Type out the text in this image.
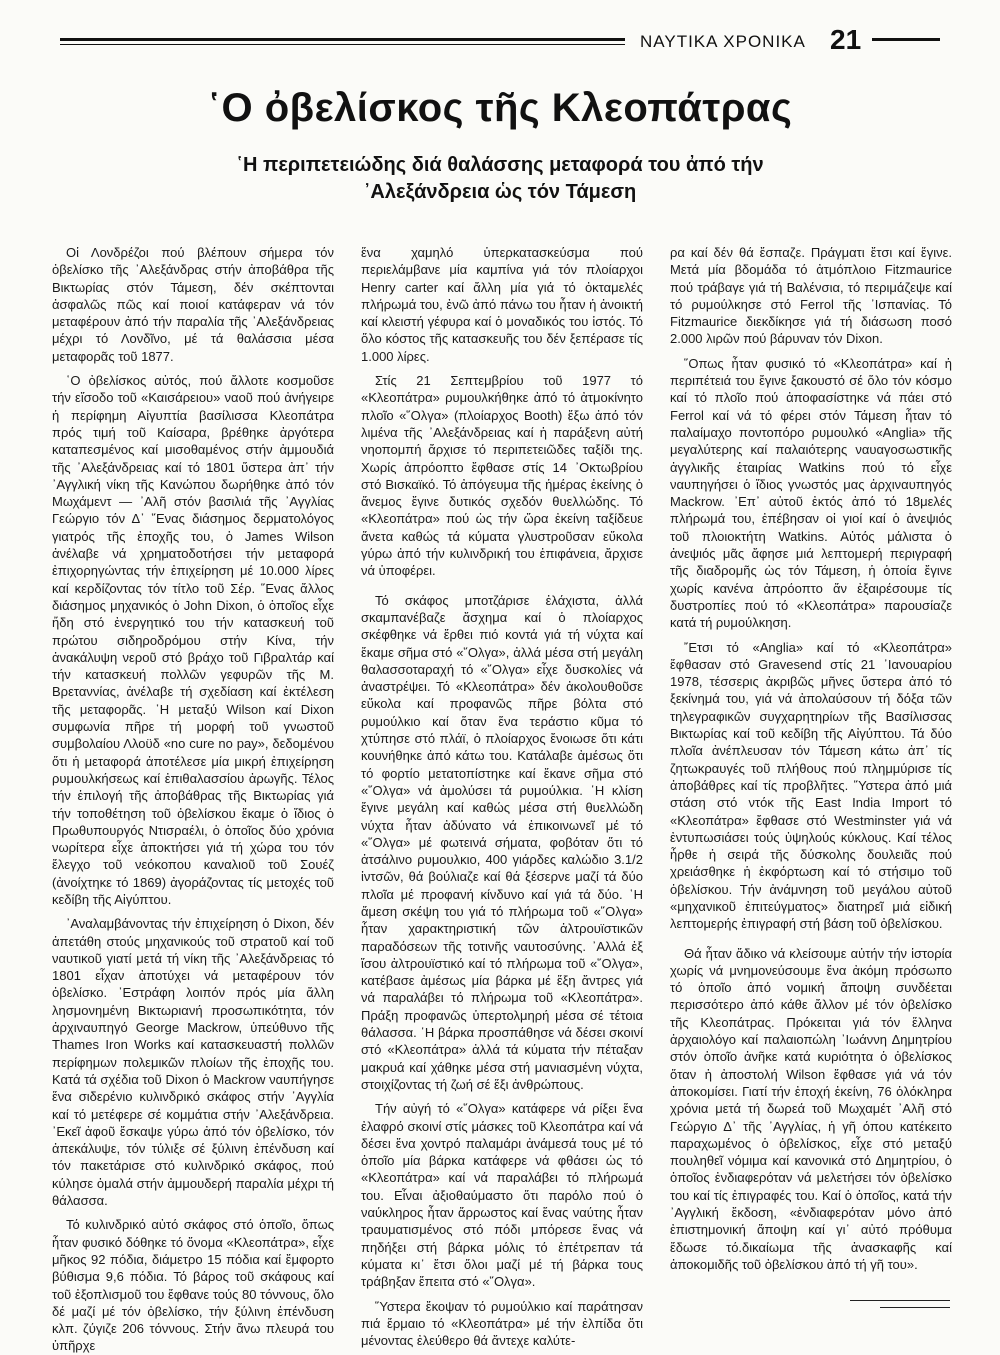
ΝΑΥΤΙΚΑ ΧΡΟΝΙΚΑ 21
῾Ο ὀβελίσκος τῆς Κλεοπάτρας
῾Η περιπετειώδης διά θαλάσσης μεταφορά του ἀπό τήν ᾿Αλεξάνδρεια ὡς τόν Τάμεση

Οἱ Λονδρέζοι πού βλέπουν σήμερα τόν ὀβελίσκο τῆς ᾿Αλεξάνδρας στήν ἀποβάθρα τῆς Βικτωρίας στόν Τάμεση, δέν σκέπτονται ἀσφαλῶς πῶς καί ποιοί κατάφεραν νά τόν μεταφέρουν ἀπό τήν παραλία τῆς ᾿Αλεξάνδρειας μέχρι τό Λονδῖνο, μέ τά θαλάσσια μέσα μεταφορᾶς τοῦ 1877.

῾Ο ὀβελίσκος αὐτός, πού ἄλλοτε κοσμοῦσε τήν εἴσοδο τοῦ «Καισάρειου» ναοῦ πού ἀνήγειρε ἡ περίφημη Αἰγυπτία βασίλισσα Κλεοπάτρα πρός τιμή τοῦ Καίσαρα, βρέθηκε ἀργότερα καταπεσμένος καί μισοθαμένος στήν ἀμμουδιά τῆς ᾿Αλεξάνδρειας καί τό 1801 ὕστερα ἀπ᾿ τήν ᾿Αγγλική νίκη τῆς Κανώπου δωρήθηκε ἀπό τόν Μωχάμεντ — ᾿Αλῆ στόν βασιλιά τῆς ᾿Αγγλίας Γεώργιο τόν Δ᾿ ῞Ενας διάσημος δερματολόγος γιατρός τῆς ἐποχῆς του, ὁ James Wilson ἀνέλαβε νά χρηματοδοτήσει τήν μεταφορά ἐπιχορηγώντας τήν ἐπιχείρηση μέ 10.000 λίρες καί κερδίζοντας τόν τίτλο τοῦ Σέρ. ῞Ενας ἄλλος διάσημος μηχανικός ὁ John Dixon, ὁ ὁποῖος εἶχε ἤδη στό ἐνεργητικό του τήν κατασκευή τοῦ πρώτου σιδηροδρόμου στήν Κίνα, τήν ἀνακάλυψη νεροῦ στό βράχο τοῦ Γιβραλτάρ καί τήν κατασκευή πολλῶν γεφυρῶν τῆς Μ. Βρεταννίας, ἀνέλαβε τή σχεδίαση καί ἐκτέλεση τῆς μεταφορᾶς. ῾Η μεταξύ Wilson καί Dixon συμφωνία πῆρε τή μορφή τοῦ γνωστοῦ συμβολαίου Λλοϋδ «no cure no pay», δεδομένου ὅτι ἡ μεταφορά ἀποτέλεσε μία μικρή ἐπιχείρηση ρυμουλκήσεως καί ἐπιθαλασσίου ἀρωγῆς. Τέλος τήν ἐπιλογή τῆς ἀποβάθρας τῆς Βικτωρίας γιά τήν τοποθέτηση τοῦ ὀβελίσκου ἔκαμε ὁ ἴδιος ὁ Πρωθυπουργός Ντισραέλι, ὁ ὁποῖος δύο χρόνια νωρίτερα εἶχε ἀποκτήσει γιά τή χώρα του τόν ἔλεγχο τοῦ νεόκοπου καναλιοῦ τοῦ Σουέζ (ἀνοίχτηκε τό 1869) ἀγοράζοντας τίς μετοχές τοῦ κεδίβη τῆς Αἰγύπτου.

᾿Αναλαμβάνοντας τήν ἐπιχείρηση ὁ Dixon, δέν ἀπετάθη στούς μηχανικούς τοῦ στρατοῦ καί τοῦ ναυτικοῦ γιατί μετά τή νίκη τῆς ᾿Αλεξάνδρειας τό 1801 εἶχαν ἀποτύχει νά μεταφέρουν τόν ὀβελίσκο. ᾿Εστράφη λοιπόν πρός μία ἄλλη λησμονημένη Βικτωριανή προσωπικότητα, τόν ἀρχιναυπηγό George Mackrow, ὑπεύθυνο τῆς Thames Iron Works καί κατασκευαστή πολλῶν περίφημων πολεμικῶν πλοίων τῆς ἐποχῆς του. Κατά τά σχέδια τοῦ Dixon ὁ Mackrow ναυπήγησε ἕνα σιδερένιο κυλινδρικό σκάφος στήν ᾿Αγγλία καί τό μετέφερε σέ κομμάτια στήν ᾿Αλεξάνδρεια. ᾿Εκεῖ ἀφοῦ ἔσκαψε γύρω ἀπό τόν ὀβελίσκο, τόν ἀπεκάλυψε, τόν τύλιξε σέ ξύλινη ἐπένδυση καί τόν πακετάρισε στό κυλινδρικό σκάφος, πού κύλησε ὁμαλά στήν ἀμμουδερή παραλία μέχρι τή θάλασσα.

Τό κυλινδρικό αὐτό σκάφος στό ὁποῖο, ὅπως ἦταν φυσικό δόθηκε τό ὄνομα «Κλεοπάτρα», εἶχε μῆκος 92 πόδια, διάμετρο 15 πόδια καί ἔμφορτο βύθισμα 9,6 πόδια. Τό βάρος τοῦ σκάφους καί τοῦ ἐξοπλισμοῦ του ἔφθανε τούς 80 τόννους, ὅλο δέ μαζί μέ τόν ὀβελίσκο, τήν ξύλινη ἐπένδυση κλπ. ζύγιζε 206 τόννους. Στήν ἄνω πλευρά του ὑπῆρχε

ἕνα χαμηλό ὑπερκατασκεύσμα πού περιελάμβανε μία καμπίνα γιά τόν πλοίαρχοι Henry carter καί ἄλλη μία γιά τό ὀκταμελές πλήρωμά του, ἐνῶ ἀπό πάνω του ἦταν ἡ ἀνοικτή καί κλειστή γέφυρα καί ὁ μοναδικός του ἱστός. Τό ὅλο κόστος τῆς κατασκευῆς του δέν ξεπέρασε τίς 1.000 λίρες.

Στίς 21 Σεπτεμβρίου τοῦ 1977 τό «Κλεοπάτρα» ρυμουλκήθηκε ἀπό τό ἀτμοκίνητο πλοῖο «῞Ολγα» (πλοίαρχος Booth) ἔξω ἀπό τόν λιμένα τῆς ᾿Αλεξάνδρειας καί ἡ παράξενη αὐτή νηοπομπή ἄρχισε τό περιπετειῶδες ταξίδι της. Χωρίς ἀπρόοπτο ἔφθασε στίς 14 ᾿Οκτωβρίου στό Βισκαϊκό. Τό ἀπόγευμα τῆς ἡμέρας ἐκείνης ὁ ἄνεμος ἔγινε δυτικός σχεδόν θυελλώδης. Τό «Κλεοπάτρα» πού ὡς τήν ὥρα ἐκείνη ταξίδευε ἄνετα καθώς τά κύματα γλυστροῦσαν εὔκολα γύρω ἀπό τήν κυλινδρική του ἐπιφάνεια, ἄρχισε νά ὑποφέρει.

Τό σκάφος μποτζάρισε ἐλάχιστα, ἀλλά σκαμπανέβαζε ἄσχημα καί ὁ πλοίαρχος σκέφθηκε νά ἔρθει πιό κοντά γιά τή νύχτα καί ἔκαμε σῆμα στό «῞Ολγα», ἀλλά μέσα στή μεγάλη θαλασσοταραχή τό «῞Ολγα» εἶχε δυσκολίες νά ἀναστρέψει. Τό «Κλεοπάτρα» δέν ἀκολουθοῦσε εὔκολα καί προφανῶς πῆρε βόλτα στό ρυμούλκιο καί ὅταν ἕνα τεράστιο κῦμα τό χτύπησε στό πλάϊ, ὁ πλοίαρχος ἔνοιωσε ὅτι κάτι κουνήθηκε ἀπό κάτω του. Κατάλαβε ἀμέσως ὅτι τό φορτίο μετατοπίστηκε καί ἔκανε σῆμα στό «῞Ολγα» νά ἀμολύσει τά ρυμούλκια. ῾Η κλίση ἔγινε μεγάλη καί καθώς μέσα στή θυελλώδη νύχτα ἦταν ἀδύνατο νά ἐπικοινωνεῖ μέ τό «῞Ολγα» μέ φωτεινά σήματα, φοβόταν ὅτι τό ἀτσάλινο ρυμουλκιο, 400 γιάρδες καλώδιο 3.1/2 ἰντσῶν, θά βούλιαζε καί θά ξέσερνε μαζί τά δύο πλοῖα μέ προφανή κίνδυνο καί γιά τά δύο. ῾Η ἄμεση σκέψη του γιά τό πλήρωμα τοῦ «῞Ολγα» ἦταν χαρακτηριστική τῶν ἀλτρουϊστικῶν παραδόσεων τῆς τοτινῆς ναυτοσύνης. ᾿Αλλά ἐξ ἴσου ἀλτρουϊστικό καί τό πλήρωμα τοῦ «῞Ολγα», κατέβασε ἀμέσως μία βάρκα μέ ἕξη ἄντρες γιά νά παραλάβει τό πλήρωμα τοῦ «Κλεοπάτρα». Πράξη προφανῶς ὑπερτολμηρή μέσα σέ τέτοια θάλασσα. ῾Η βάρκα προσπάθησε νά δέσει σκοινί στό «Κλεοπάτρα» ἀλλά τά κύματα τήν πέταξαν μακρυά καί χάθηκε μέσα στή μανιασμένη νύχτα, στοιχίζοντας τή ζωή σέ ἕξι ἀνθρώπους.

Τήν αὐγή τό «῞Ολγα» κατάφερε νά ρίξει ἕνα ἐλαφρό σκοινί στίς μάσκες τοῦ Κλεοπάτρα καί νά δέσει ἕνα χοντρό παλαμάρι ἀνάμεσά τους μέ τό ὁποῖο μία βάρκα κατάφερε νά φθάσει ὡς τό «Κλεοπάτρα» καί νά παραλάβει τό πλήρωμά του. Εἶναι ἀξιοθαύμαστο ὅτι παρόλο πού ὁ ναύκληρος ἦταν ἄρρωστος καί ἕνας ναύτης ἦταν τραυματισμένος στό πόδι μπόρεσε ἕνας νά πηδήξει στή βάρκα μόλις τό ἐπέτρεπαν τά κύματα κι᾿ ἔτσι ὅλοι μαζί μέ τή βάρκα τους τράβηξαν ἔπειτα στό «῞Ολγα».

῞Υστερα ἔκοψαν τό ρυμούλκιο καί παράτησαν πιά ἔρμαιο τό «Κλεοπάτρα» μέ τήν ἐλπίδα ὅτι μένοντας ἐλεύθερο θά ἄντεχε καλύτε-

ρα καί δέν θά ἔσπαζε. Πράγματι ἔτσι καί ἔγινε. Μετά μία βδομάδα τό ἀτμόπλοιο Fitzmaurice πού τράβαγε γιά τή Βαλένσια, τό περιμάζεψε καί τό ρυμούλκησε στό Ferrol τῆς ᾿Ισπανίας. Τό Fitzmaurice διεκδίκησε γιά τή διάσωση ποσό 2.000 λιρῶν πού βάρυναν τόν Dixon.

῞Οπως ἦταν φυσικό τό «Κλεοπάτρα» καί ἡ περιπέτειά του ἔγινε ξακουστό σέ ὅλο τόν κόσμο καί τό πλοῖο πού ἀποφασίστηκε νά πάει στό Ferrol καί νά τό φέρει στόν Τάμεση ἦταν τό παλαίμαχο ποντοπόρο ρυμουλκό «Anglia» τῆς μεγαλύτερης καί παλαιότερης ναυαγοσωστικῆς ἀγγλικῆς ἑταιρίας Watkins πού τό εἶχε ναυπηγήσει ὁ ἴδιος γνωστός μας ἀρχιναυπηγός Mackrow. ᾿Επ᾿ αὐτοῦ ἐκτός ἀπό τό 18μελές πλήρωμά του, ἐπέβησαν οἱ γιοί καί ὁ ἀνεψιός τοῦ πλοιοκτήτη Watkins. Αὐτός μάλιστα ὁ ἀνεψιός μᾶς ἄφησε μιά λεπτομερή περιγραφή τῆς διαδρομῆς ὡς τόν Τάμεση, ἡ ὁποία ἔγινε χωρίς κανένα ἀπρόοπτο ἄν ἐξαιρέσουμε τίς δυστροπίες πού τό «Κλεοπάτρα» παρουσίαζε κατά τή ρυμούλκηση.

῎Ετσι τό «Anglia» καί τό «Κλεοπάτρα» ἔφθασαν στό Gravesend στίς 21 ᾿Ιανουαρίου 1978, τέσσερις ἀκριβῶς μῆνες ὕστερα ἀπό τό ξεκίνημά του, γιά νά ἀπολαύσουν τή δόξα τῶν τηλεγραφικῶν συγχαρητηρίων τῆς Βασίλισσας Βικτωρίας καί τοῦ κεδίβη τῆς Αἰγύπτου. Τά δύο πλοῖα ἀνέπλευσαν τόν Τάμεση κάτω ἀπ᾿ τίς ζητωκραυγές τοῦ πλήθους πού πλημμύρισε τίς ἀποβάθρες καί τίς προβλῆτες. ῞Υστερα ἀπό μιά στάση στό ντόκ τῆς East India Import τό «Κλεοπάτρα» ἔφθασε στό Westminster γιά νά ἐντυπωσιάσει τούς ὑψηλούς κύκλους. Καί τέλος ἦρθε ἡ σειρά τῆς δύσκολης δουλειᾶς πού χρειάσθηκε ἡ ἐκφόρτωση καί τό στήσιμο τοῦ ὀβελίσκου. Τήν ἀνάμνηση τοῦ μεγάλου αὐτοῦ «μηχανικοῦ ἐπιτεύγματος» διατηρεῖ μιά εἰδική λεπτομερής ἐπιγραφή στή βάση τοῦ ὀβελίσκου.

Θά ἦταν ἄδικο νά κλείσουμε αὐτήν τήν ἱστορία χωρίς νά μνημονεύσουμε ἕνα ἀκόμη πρόσωπο τό ὁποῖο ἀπό νομική ἄποψη συνδέεται περισσότερο ἀπό κάθε ἄλλον μέ τόν ὀβελίσκο τῆς Κλεοπάτρας. Πρόκειται γιά τόν ἕλληνα ἀρχαιολόγο καί παλαιοπώλη ᾿Ιωάννη Δημητρίου στόν ὁποῖο ἀνῆκε κατά κυριότητα ὁ ὀβελίσκος ὅταν ἡ ἀποστολή Wilson ἔφθασε γιά νά τόν ἀποκομίσει. Γιατί τήν ἐποχή ἐκείνη, 76 ὁλόκληρα χρόνια μετά τή δωρεά τοῦ Μωχαμέτ ᾿Αλῆ στό Γεώργιο Δ᾿ τῆς ᾿Αγγλίας, ἡ γῆ όπου κατέκειτο παραχωμένος ὁ ὀβελίσκος, εἶχε στό μεταξύ πουληθεῖ νόμιμα καί κανονικά στό Δημητρίου, ὁ ὁποῖος ἐνδιαφερόταν νά μελετήσει τόν ὀβελίσκο του καί τίς ἐπιγραφές του. Καί ὁ ὁποῖος, κατά τήν ᾿Αγγλική ἔκδοση, «ἐνδιαφερόταν μόνο ἀπό ἐπιστημονική ἄποψη καί γι᾿ αὐτό πρόθυμα ἔδωσε τό.δικαίωμα τῆς ἀνασκαφῆς καί ἀποκομιδῆς τοῦ ὀβελίσκου ἀπό τή γῆ του».
